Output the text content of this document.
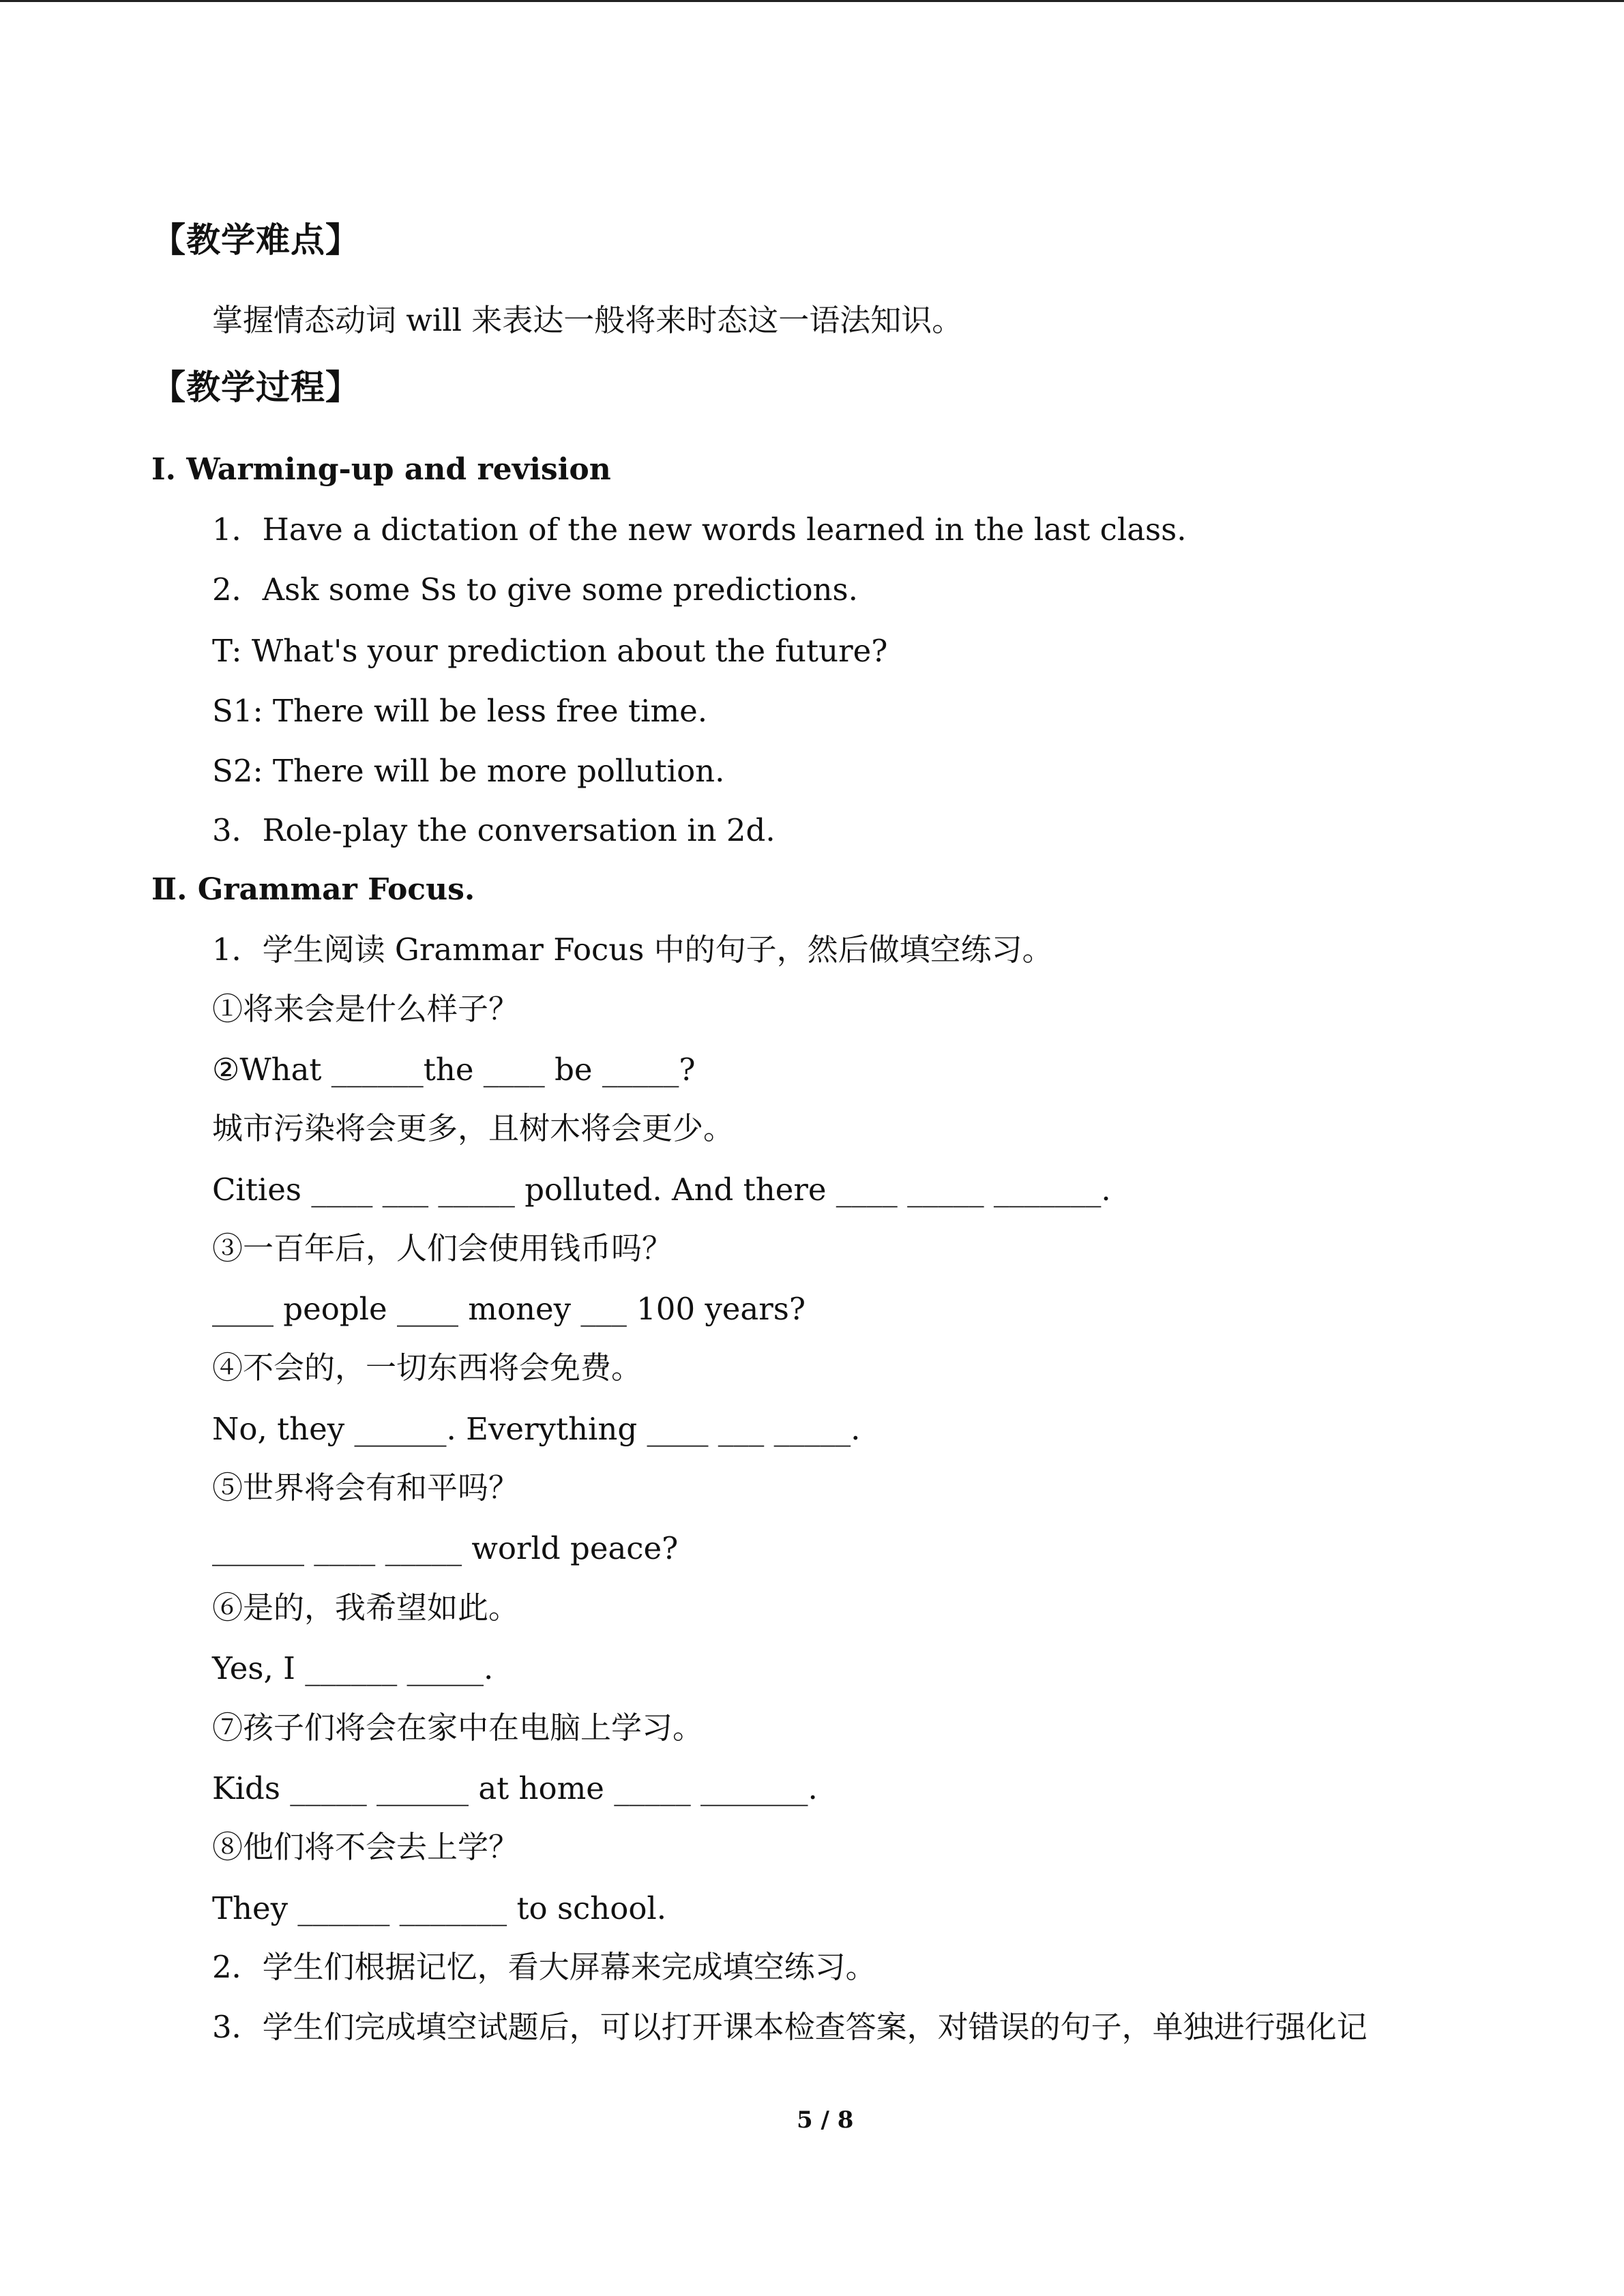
【教学难点】
掌握情态动词 will 来表达一般将来时态这一语法知识。
【教学过程】
Ⅰ. Warming-up and revision
1．Have a dictation of the new words learned in the last class.
2．Ask some Ss to give some predictions.
T: What's your prediction about the future?
S1: There will be less free time.
S2: There will be more pollution.
3．Role-play the conversation in 2d.
Ⅱ. Grammar Focus.
1．学生阅读 Grammar Focus 中的句子，然后做填空练习。
①将来会是什么样子？
②What ______the ____ be _____?
城市污染将会更多，且树木将会更少。
Cities ____ ___ _____ polluted. And there ____ _____ _______.
③一百年后，人们会使用钱币吗？
____ people ____ money ___ 100 years?
④不会的，一切东西将会免费。
No, they ______. Everything ____ ___ _____.
⑤世界将会有和平吗？
______ ____ _____ world peace?
⑥是的，我希望如此。
Yes, I ______ _____.
⑦孩子们将会在家中在电脑上学习。
Kids _____ ______ at home _____ _______.
⑧他们将不会去上学？
They ______ _______ to school.
2．学生们根据记忆，看大屏幕来完成填空练习。
3．学生们完成填空试题后，可以打开课本检查答案，对错误的句子，单独进行强化记
5 / 8
